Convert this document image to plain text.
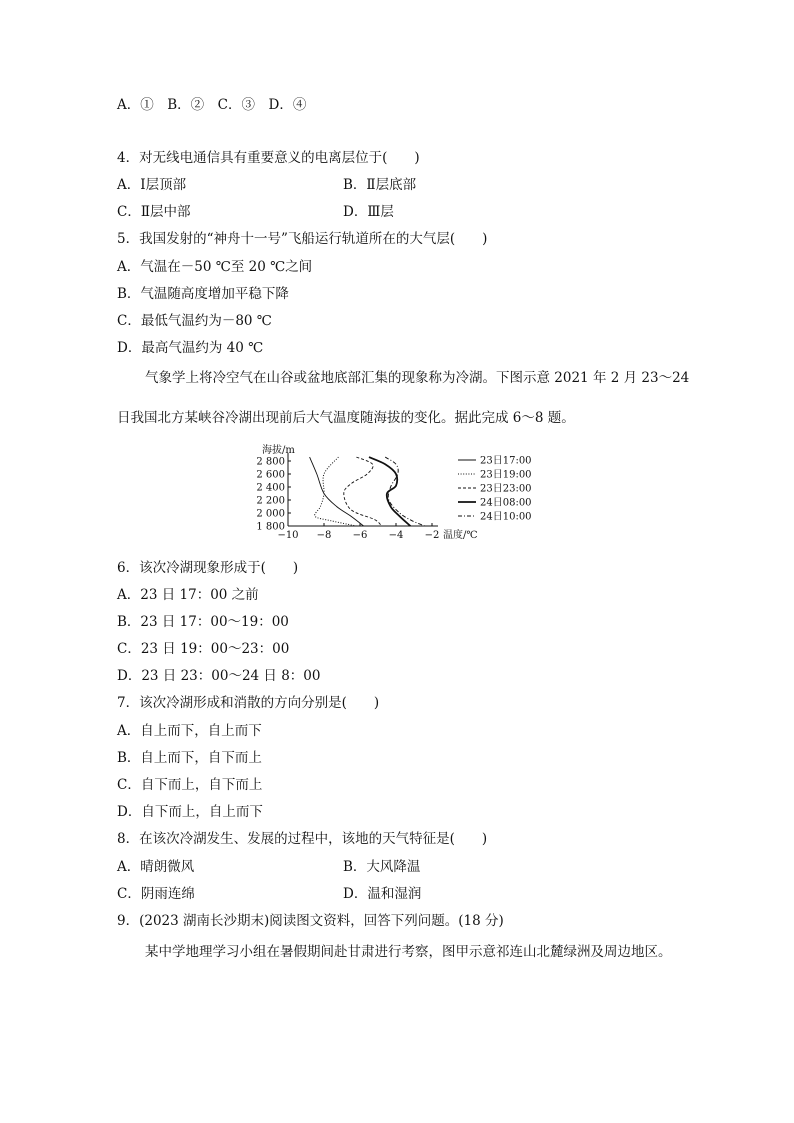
A．①　B．②　C．③　D．④
4．对无线电通信具有重要意义的电离层位于(　　)
A．Ⅰ层顶部	B．Ⅱ层底部
C．Ⅱ层中部	D．Ⅲ层
5．我国发射的“神舟十一号”飞船运行轨道所在的大气层(　　)
A．气温在－50 ℃至 20 ℃之间
B．气温随高度增加平稳下降
C．最低气温约为－80 ℃
D．最高气温约为 40 ℃
气象学上将冷空气在山谷或盆地底部汇集的现象称为冷湖。下图示意 2021 年 2 月 23～24
日我国北方某峡谷冷湖出现前后大气温度随海拔的变化。据此完成 6～8 题。
−10 −8 −6 −4 −2
1 800
2 000
2 200
2 400
2 600
2 800
海拔/m
温度/℃
23日17:00
23日19:00
23日23:00
24日08:00
24日10:00
6．该次冷湖现象形成于(　　)
A．23 日 17：00 之前
B．23 日 17：00～19：00
C．23 日 19：00～23：00
D．23 日 23：00～24 日 8：00
7．该次冷湖形成和消散的方向分别是(　　)
A．自上而下，自上而下
B．自上而下，自下而上
C．自下而上，自下而上
D．自下而上，自上而下
8．在该次冷湖发生、发展的过程中，该地的天气特征是(　　)
A．晴朗微风	B．大风降温
C．阴雨连绵	D．温和湿润
9．(2023 湖南长沙期末)阅读图文资料，回答下列问题。(18 分)
某中学地理学习小组在暑假期间赴甘肃进行考察，图甲示意祁连山北麓绿洲及周边地区。
